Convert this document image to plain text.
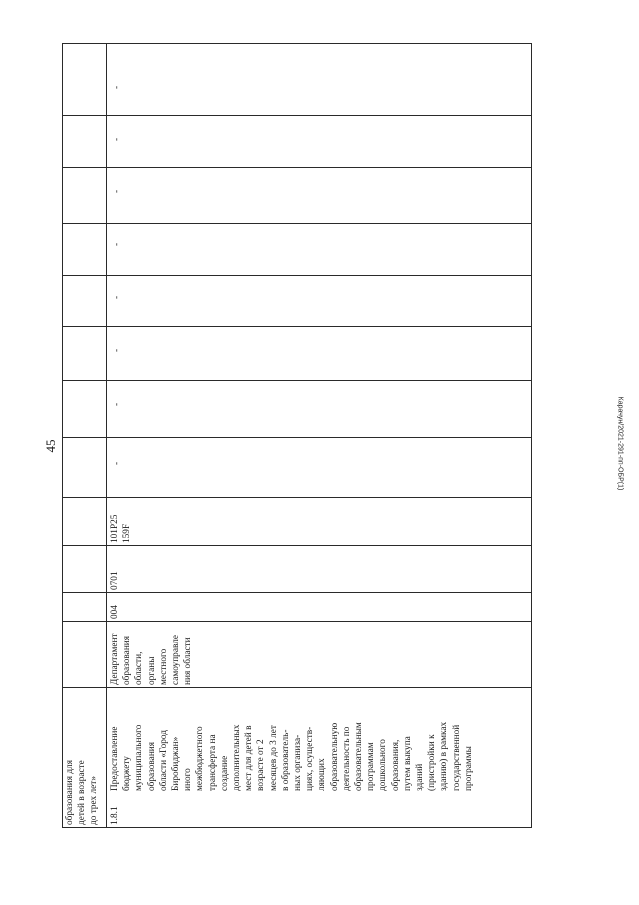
45	Карачун/2021-291-пп-ОБР(1)
образования для
детей в возрасте
до трех лет»
1.8.1
Предоставление
бюджету
муниципального
образования
области «Город
Биробиджан»
иного
межбюджетного
трансферта на
создание
дополнительных
мест для детей в
возрасте от 2
месяцев до 3 лет
в образователь-
ных организа-
циях, осуществ-
ляющих
образовательную
деятельность по
образовательным
программам
дошкольного
образования,
путем выкупа
зданий
(пристройки к
зданию) в рамках
государственной
программы
Департамент
образования
области,
органы
местного
самоуправле
ния области
004
0701
101P25
159F
-
-
-
-
-
-
-
-
